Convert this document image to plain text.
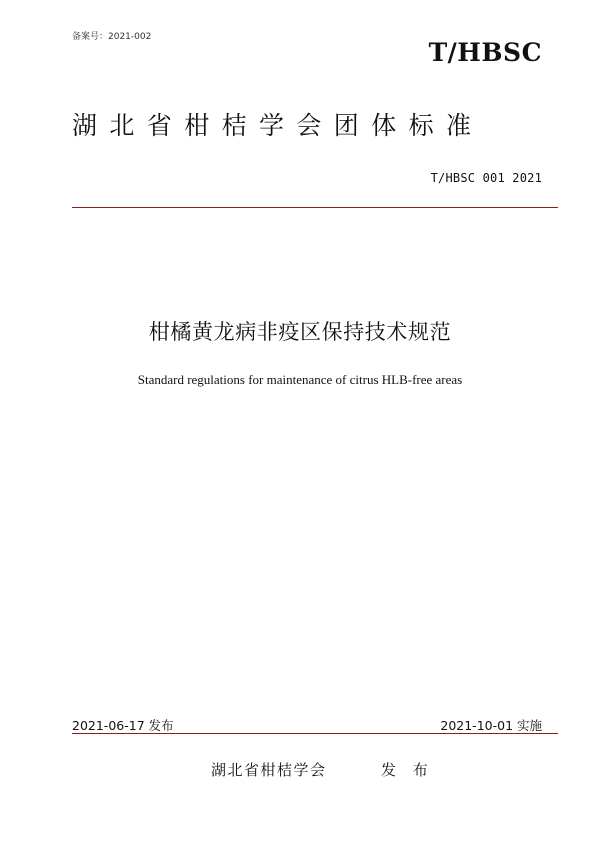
备案号：2021-002
T/HBSC
湖北省柑桔学会团体标准
T/HBSC 001 2021
柑橘黄龙病非疫区保持技术规范
Standard regulations for maintenance of citrus HLB-free areas
2021-06-17 发布	2021-10-01 实施
湖北省柑桔学会	发 布
